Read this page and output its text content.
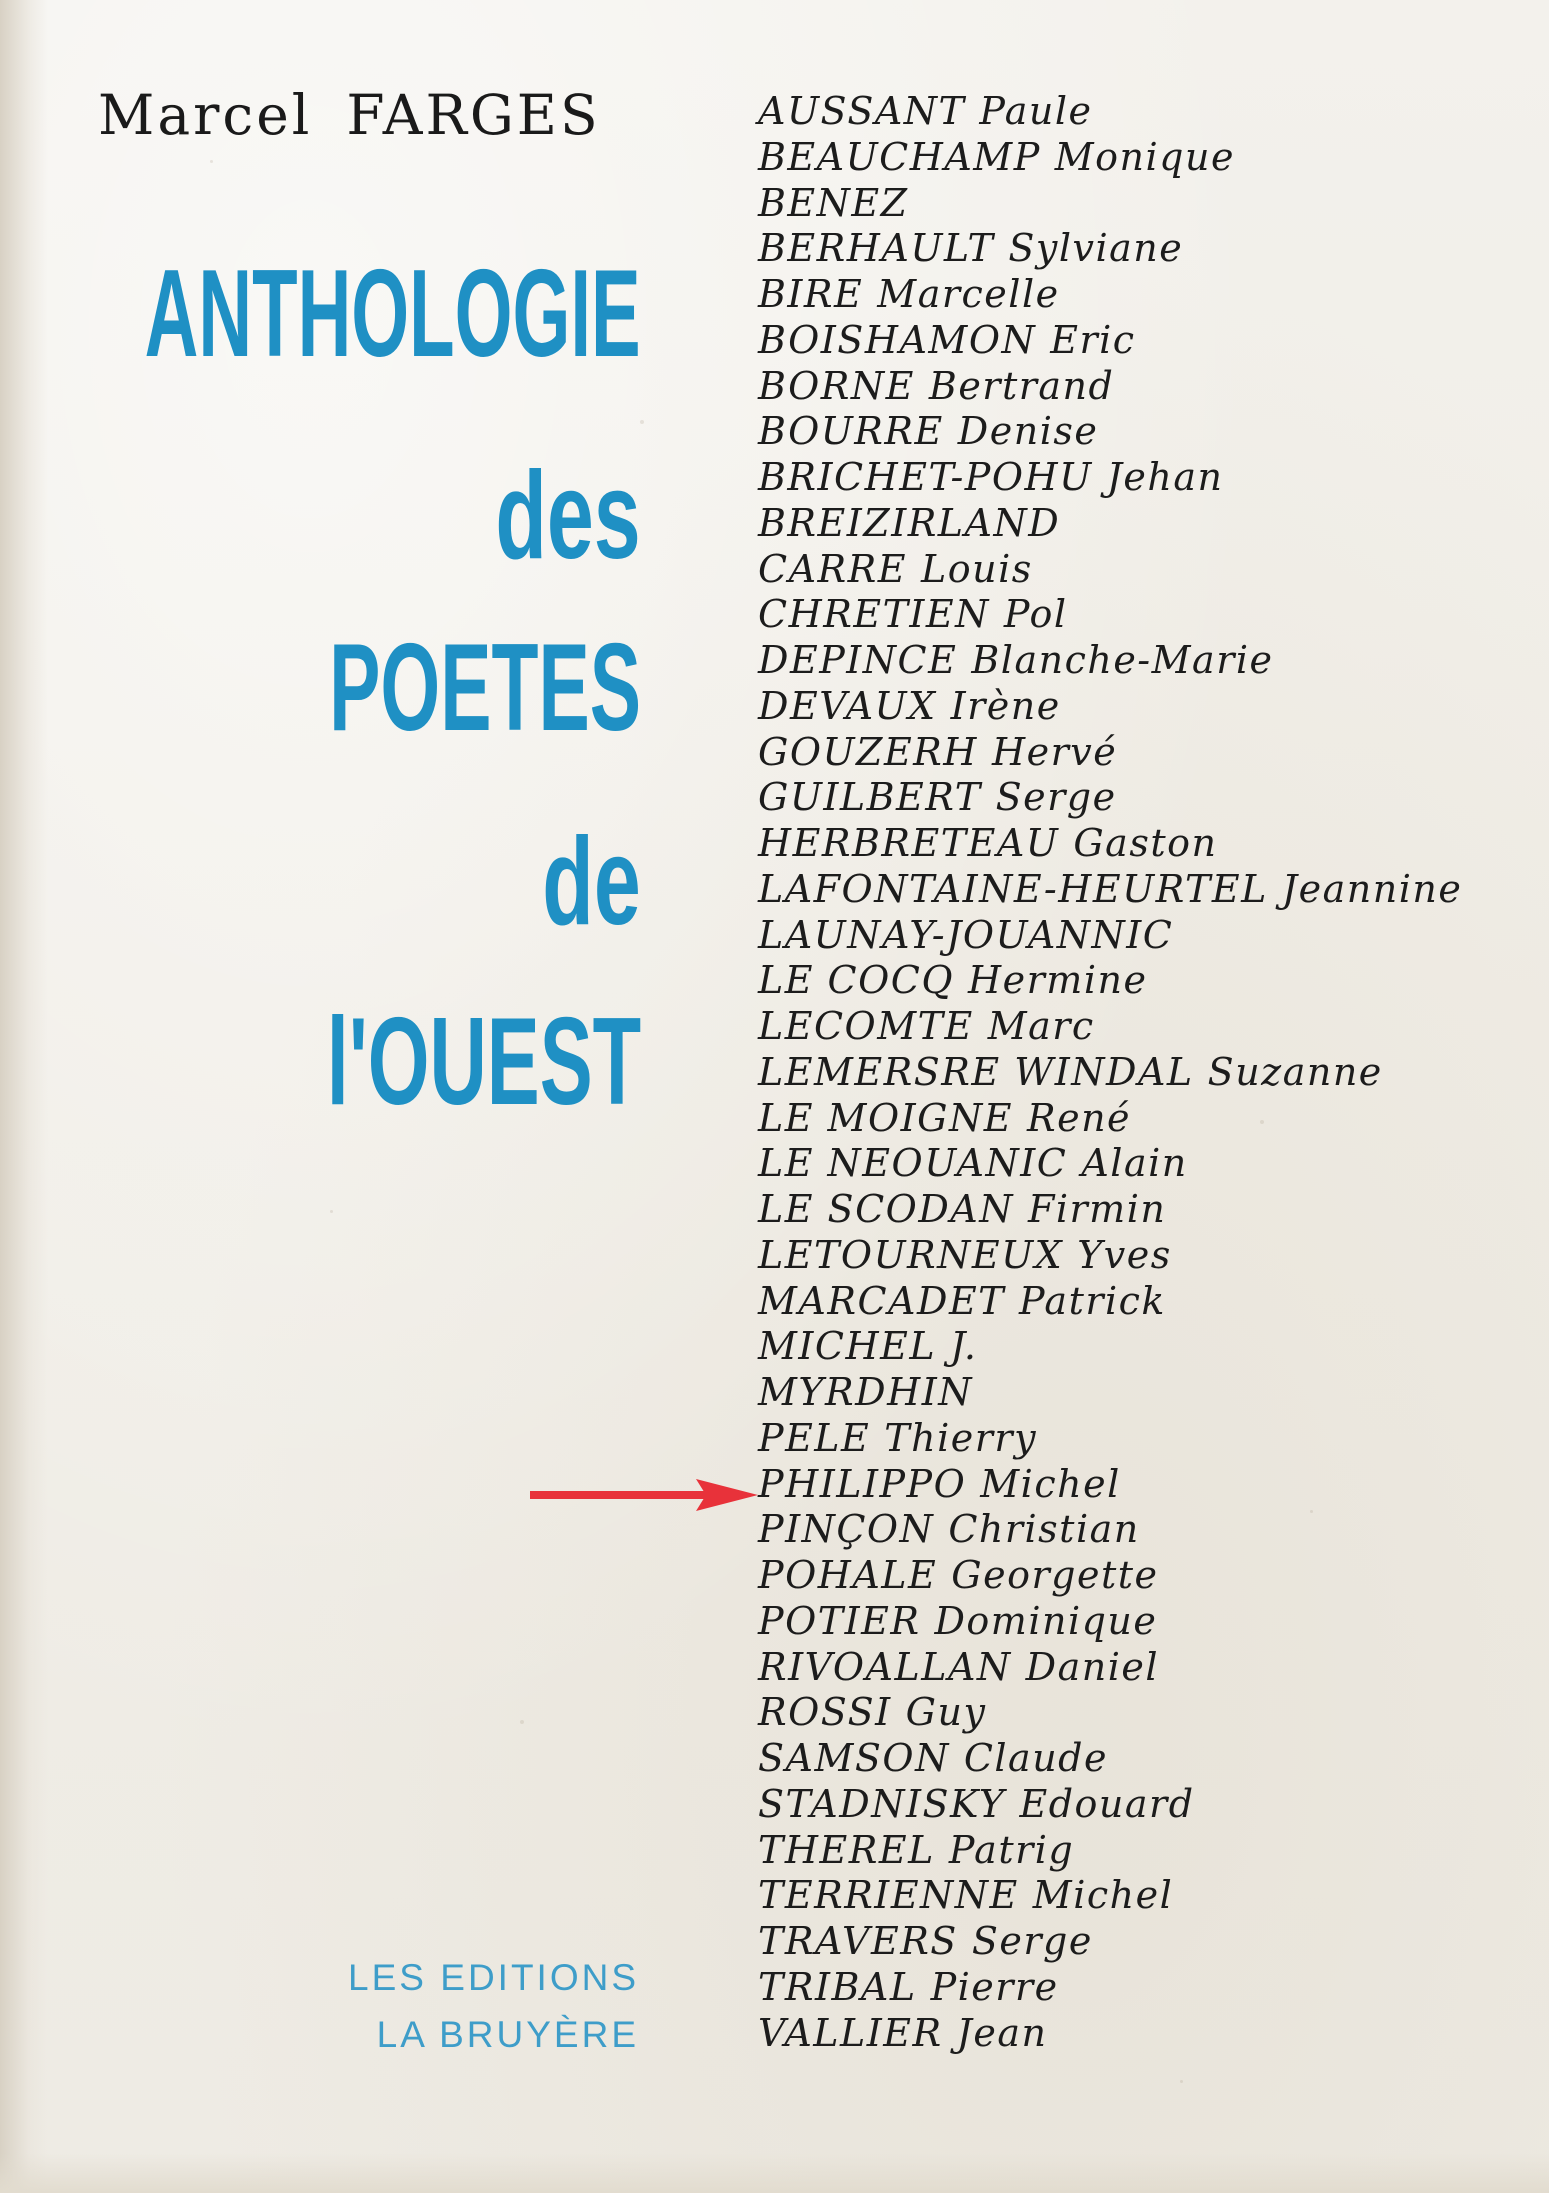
Marcel FARGES
ANTHOLOGIE
des
POETES
de
l'OUEST
LES EDITIONS
LA BRUYÈRE
AUSSANT Paule
BEAUCHAMP Monique
BENEZ
BERHAULT Sylviane
BIRE Marcelle
BOISHAMON Eric
BORNE Bertrand
BOURRE Denise
BRICHET-POHU Jehan
BREIZIRLAND
CARRE Louis
CHRETIEN Pol
DEPINCE Blanche-Marie
DEVAUX Irène
GOUZERH Hervé
GUILBERT Serge
HERBRETEAU Gaston
LAFONTAINE-HEURTEL Jeannine
LAUNAY-JOUANNIC
LE COCQ Hermine
LECOMTE Marc
LEMERSRE WINDAL Suzanne
LE MOIGNE René
LE NEOUANIC Alain
LE SCODAN Firmin
LETOURNEUX Yves
MARCADET Patrick
MICHEL J.
MYRDHIN
PELE Thierry
PHILIPPO Michel
PINÇON Christian
POHALE Georgette
POTIER Dominique
RIVOALLAN Daniel
ROSSI Guy
SAMSON Claude
STADNISKY Edouard
THEREL Patrig
TERRIENNE Michel
TRAVERS Serge
TRIBAL Pierre
VALLIER Jean
